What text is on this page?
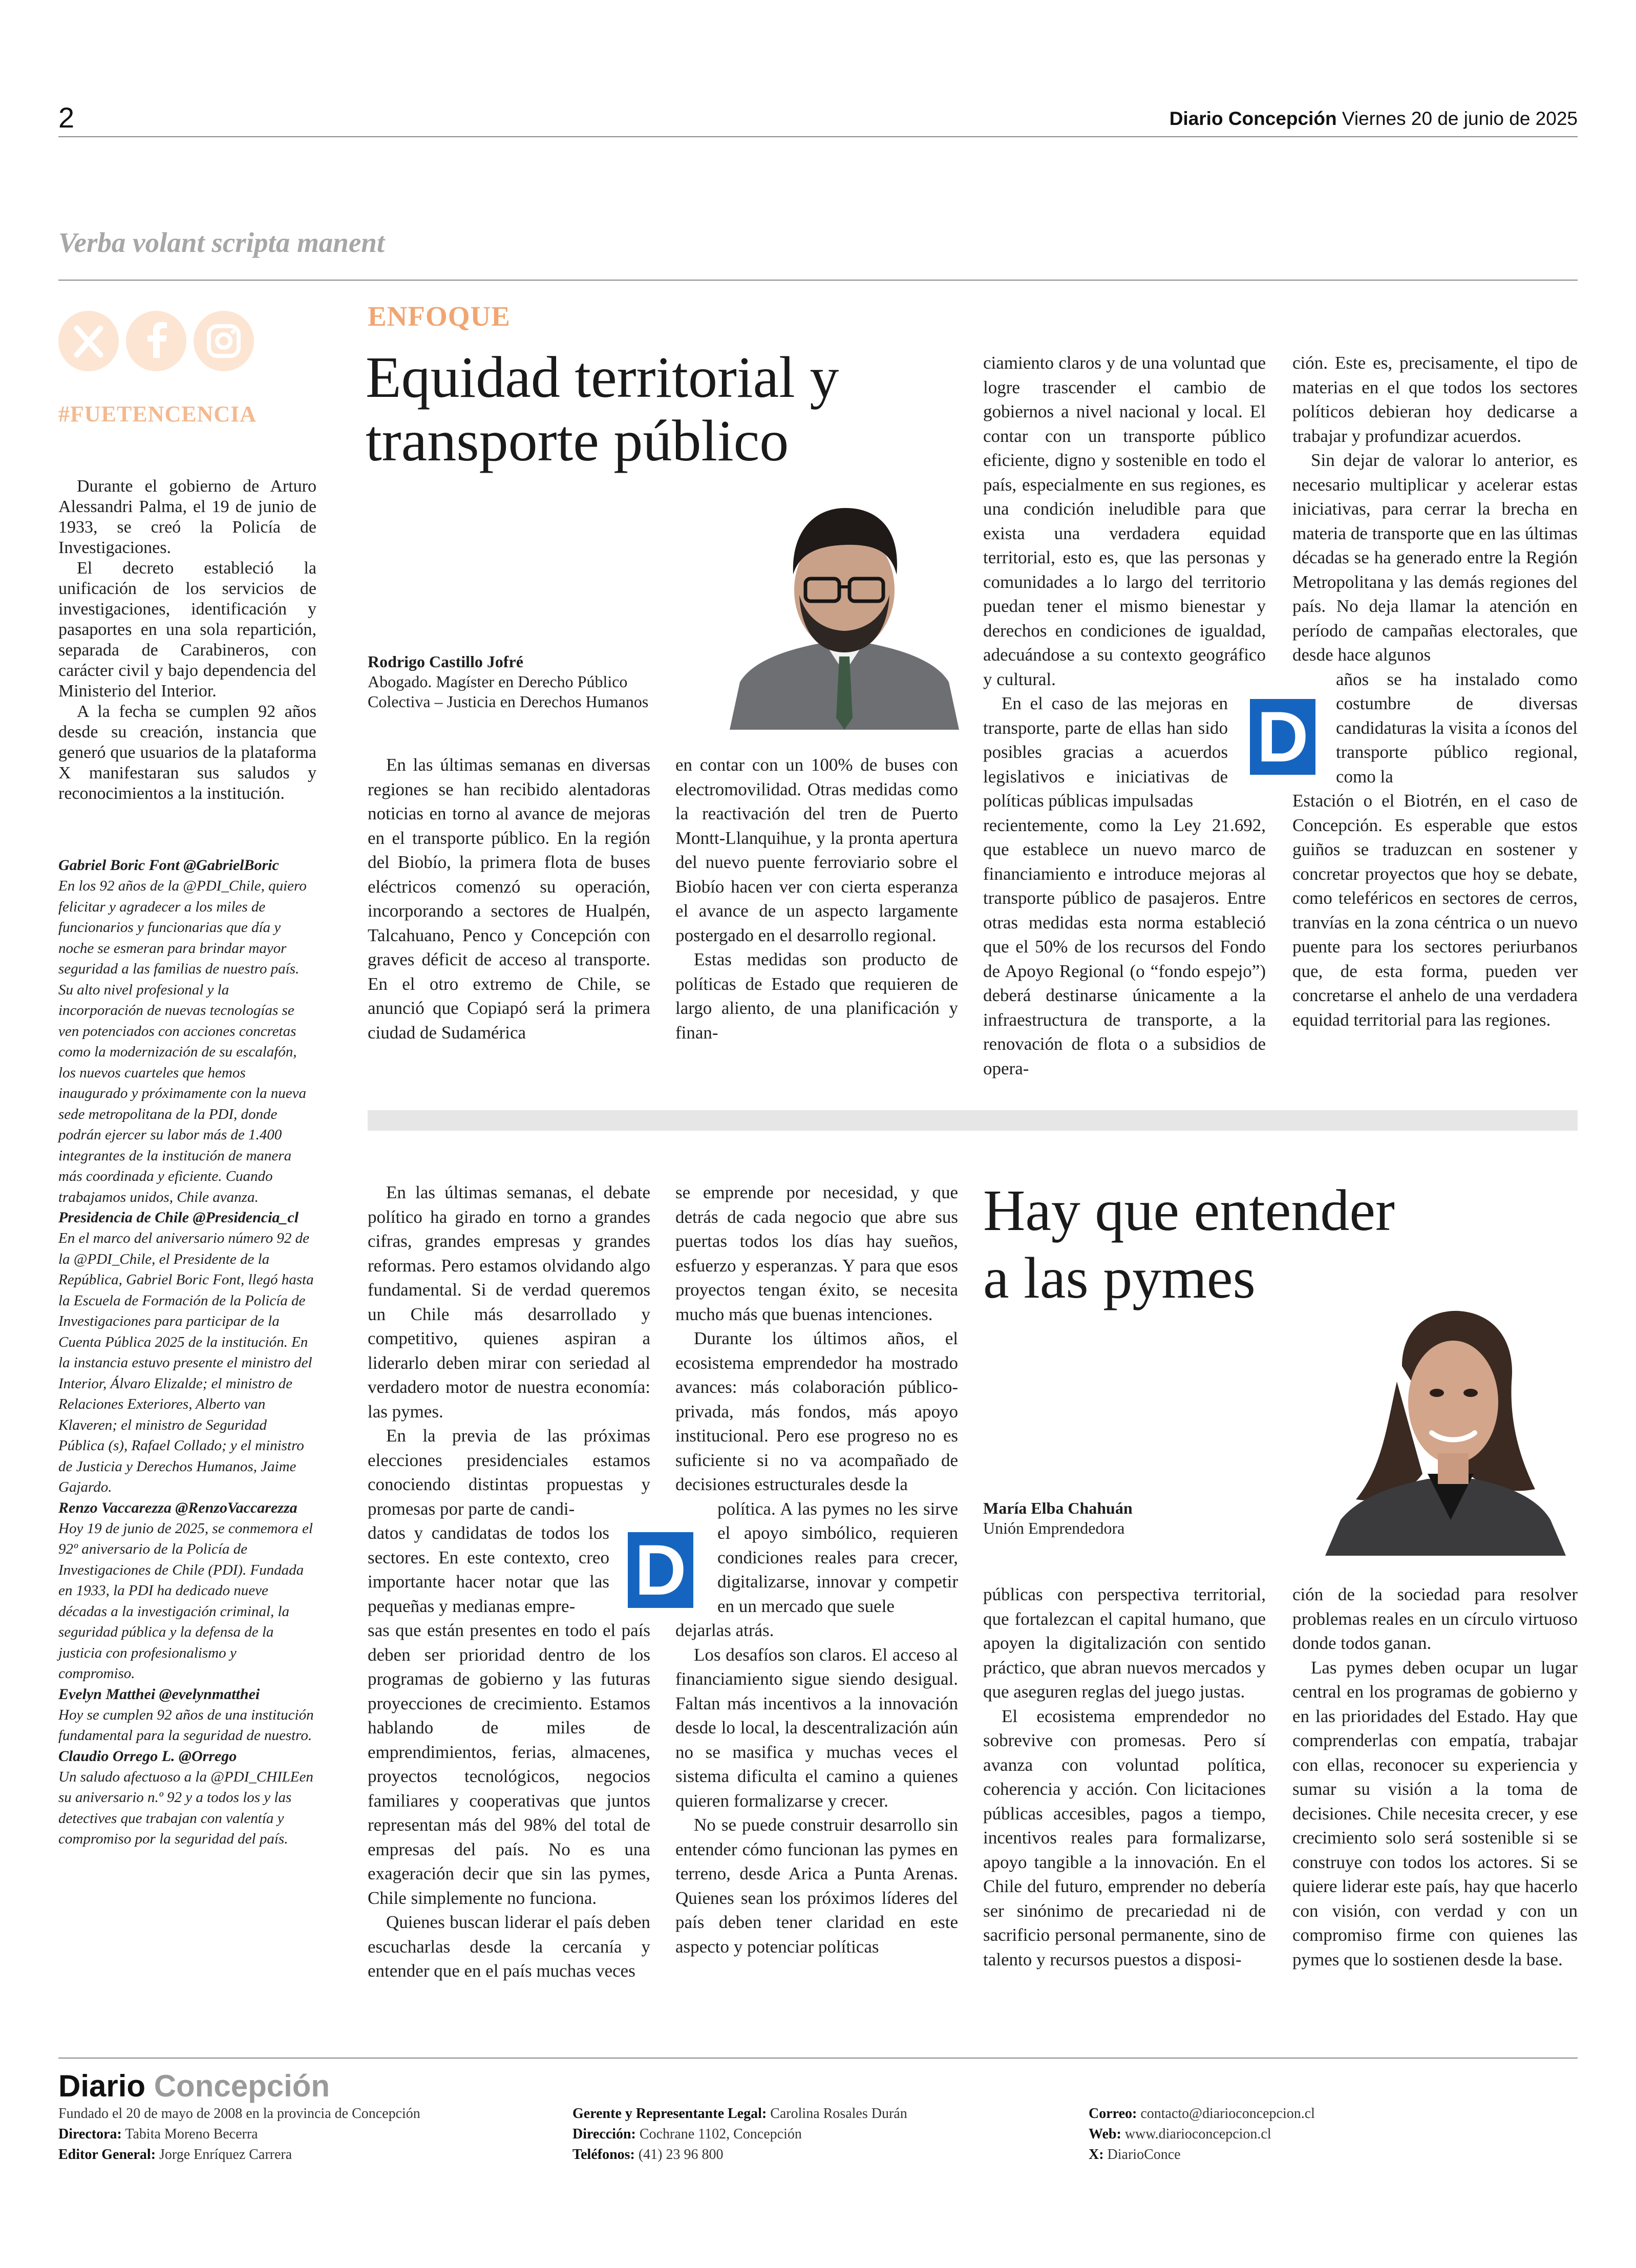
2	Diario Concepción Viernes 20 de junio de 2025
Verba volant scripta manent
#FUETENCENCIA

Durante el gobierno de Arturo Alessandri Palma, el 19 de junio de 1933, se creó la Policía de Investigaciones.

El decreto estableció la unificación de los servicios de investigaciones, identificación y pasaportes en una sola repartición, separada de Carabineros, con carácter civil y bajo dependencia del Ministerio del Interior.

A la fecha se cumplen 92 años desde su creación, instancia que generó que usuarios de la plataforma X manifestaran sus saludos y reconocimientos a la institución.

Gabriel Boric Font @GabrielBoric

En los 92 años de la @PDI_Chile, quiero felicitar y agradecer a los miles de funcionarios y funcionarias que día y noche se esmeran para brindar mayor seguridad a las familias de nuestro país. Su alto nivel profesional y la incorporación de nuevas tecnologías se ven potenciados con acciones concretas como la modernización de su escalafón, los nuevos cuarteles que hemos inaugurado y próximamente con la nueva sede metropolitana de la PDI, donde podrán ejercer su labor más de 1.400 integrantes de la institución de manera más coordinada y eficiente. Cuando trabajamos unidos, Chile avanza.

Presidencia de Chile @Presidencia_cl

En el marco del aniversario número 92 de la @PDI_Chile, el Presidente de la República, Gabriel Boric Font, llegó hasta la Escuela de Formación de la Policía de Investigaciones para participar de la Cuenta Pública 2025 de la institución. En la instancia estuvo presente el ministro del Interior, Álvaro Elizalde; el ministro de Relaciones Exteriores, Alberto van Klaveren; el ministro de Seguridad Pública (s), Rafael Collado; y el ministro de Justicia y Derechos Humanos, Jaime Gajardo.

Renzo Vaccarezza @RenzoVaccarezza

Hoy 19 de junio de 2025, se conmemora el 92º aniversario de la Policía de Investigaciones de Chile (PDI). Fundada en 1933, la PDI ha dedicado nueve décadas a la investigación criminal, la seguridad pública y la defensa de la justicia con profesionalismo y compromiso.

Evelyn Matthei @evelynmatthei

Hoy se cumplen 92 años de una institución fundamental para la seguridad de nuestro.

Claudio Orrego L. @Orrego

Un saludo afectuoso a la @PDI_CHILEen su aniversario n.º 92 y a todos los y las detectives que trabajan con valentía y compromiso por la seguridad del país.

ENFOQUE
Equidad territorial y
transporte público
Rodrigo Castillo Jofré
Abogado. Magíster en Derecho Público
Colectiva – Justicia en Derechos Humanos	D

En las últimas semanas en diversas regiones se han recibido alentadoras noticias en torno al avance de mejoras en el transporte público. En la región del Biobío, la primera flota de buses eléctricos comenzó su operación, incorporando a sectores de Hualpén, Talcahuano, Penco y Concepción con graves déficit de acceso al transporte. En el otro extremo de Chile, se anunció que Copiapó será la primera ciudad de Sudamérica

en contar con un 100% de buses con electromovilidad. Otras medidas como la reactivación del tren de Puerto Montt-Llanquihue, y la pronta apertura del nuevo puente ferroviario sobre el Biobío hacen ver con cierta esperanza el avance de un aspecto largamente postergado en el desarrollo regional.

Estas medidas son producto de políticas de Estado que requieren de largo aliento, de una planificación y finan-

ciamiento claros y de una voluntad que logre trascender el cambio de gobiernos a nivel nacional y local. El contar con un transporte público eficiente, digno y sostenible en todo el país, especialmente en sus regiones, es una condición ineludible para que exista una verdadera equidad territorial, esto es, que las personas y comunidades a lo largo del territorio puedan tener el mismo bienestar y derechos en condiciones de igualdad, adecuándose a su contexto geográfico y cultural.

En el caso de las mejoras en transporte, parte de ellas han sido posibles gracias a acuerdos legislativos e iniciativas de políticas públicas impulsadas

recientemente, como la Ley 21.692, que establece un nuevo marco de financiamiento e introduce mejoras al transporte público de pasajeros. Entre otras medidas esta norma estableció que el 50% de los recursos del Fondo de Apoyo Regional (o “fondo espejo”) deberá destinarse únicamente a la infraestructura de transporte, a la renovación de flota o a subsidios de opera-

ción. Este es, precisamente, el tipo de materias en el que todos los sectores políticos debieran hoy dedicarse a trabajar y profundizar acuerdos.

Sin dejar de valorar lo anterior, es necesario multiplicar y acelerar estas iniciativas, para cerrar la brecha en materia de transporte que en las últimas décadas se ha generado entre la Región Metropolitana y las demás regiones del país. No deja llamar la atención en período de campañas electorales, que desde hace algunos

años se ha instalado como costumbre de diversas candidaturas la visita a íconos del transporte público regional, como la

Estación o el Biotrén, en el caso de Concepción. Es esperable que estos guiños se traduzcan en sostener y concretar proyectos que hoy se debate, como teleféricos en sectores de cerros, tranvías en la zona céntrica o un nuevo puente para los sectores periurbanos que, de esta forma, pueden ver concretarse el anhelo de una verdadera equidad territorial para las regiones.

En las últimas semanas, el debate político ha girado en torno a grandes cifras, grandes empresas y grandes reformas. Pero estamos olvidando algo fundamental. Si de verdad queremos un Chile más desarrollado y competitivo, quienes aspiran a liderarlo deben mirar con seriedad al verdadero motor de nuestra economía: las pymes.

En la previa de las próximas elecciones presidenciales estamos conociendo distintas propuestas y promesas por parte de candi-

datos y candidatas de todos los sectores. En este contexto, creo importante hacer notar que las pequeñas y medianas empre-

sas que están presentes en todo el país deben ser prioridad dentro de los programas de gobierno y las futuras proyecciones de crecimiento. Estamos hablando de miles de emprendimientos, ferias, almacenes, proyectos tecnológicos, negocios familiares y cooperativas que juntos representan más del 98% del total de empresas del país. No es una exageración decir que sin las pymes, Chile simplemente no funciona.

Quienes buscan liderar el país deben escucharlas desde la cercanía y entender que en el país muchas veces

D

se emprende por necesidad, y que detrás de cada negocio que abre sus puertas todos los días hay sueños, esfuerzo y esperanzas. Y para que esos proyectos tengan éxito, se necesita mucho más que buenas intenciones.

Durante los últimos años, el ecosistema emprendedor ha mostrado avances: más colaboración público-privada, más fondos, más apoyo institucional. Pero ese progreso no es suficiente si no va acompañado de decisiones estructurales desde la

política. A las pymes no les sirve el apoyo simbólico, requieren condiciones reales para crecer, digitalizarse, innovar y competir en un mercado que suele

dejarlas atrás.

Los desafíos son claros. El acceso al financiamiento sigue siendo desigual. Faltan más incentivos a la innovación desde lo local, la descentralización aún no se masifica y muchas veces el sistema dificulta el camino a quienes quieren formalizarse y crecer.

No se puede construir desarrollo sin entender cómo funcionan las pymes en terreno, desde Arica a Punta Arenas. Quienes sean los próximos líderes del país deben tener claridad en este aspecto y potenciar políticas

Hay que entender
a las pymes
María Elba Chahuán
Unión Emprendedora

públicas con perspectiva territorial, que fortalezcan el capital humano, que apoyen la digitalización con sentido práctico, que abran nuevos mercados y que aseguren reglas del juego justas.

El ecosistema emprendedor no sobrevive con promesas. Pero sí avanza con voluntad política, coherencia y acción. Con licitaciones públicas accesibles, pagos a tiempo, incentivos reales para formalizarse, apoyo tangible a la innovación. En el Chile del futuro, emprender no debería ser sinónimo de precariedad ni de sacrificio personal permanente, sino de talento y recursos puestos a disposi-

ción de la sociedad para resolver problemas reales en un círculo virtuoso donde todos ganan.

Las pymes deben ocupar un lugar central en los programas de gobierno y en las prioridades del Estado. Hay que comprenderlas con empatía, trabajar con ellas, reconocer su experiencia y sumar su visión a la toma de decisiones. Chile necesita crecer, y ese crecimiento solo será sostenible si se construye con todos los actores. Si se quiere liderar este país, hay que hacerlo con visión, con verdad y con un compromiso firme con quienes las pymes que lo sostienen desde la base.

Diario Concepción

Fundado el 20 de mayo de 2008 en la provincia de Concepción

Directora: Tabita Moreno Becerra

Editor General: Jorge Enríquez Carrera

Gerente y Representante Legal: Carolina Rosales Durán

Dirección: Cochrane 1102, Concepción

Teléfonos: (41) 23 96 800

Correo: contacto@diarioconcepcion.cl

Web: www.diarioconcepcion.cl

X: DiarioConce
